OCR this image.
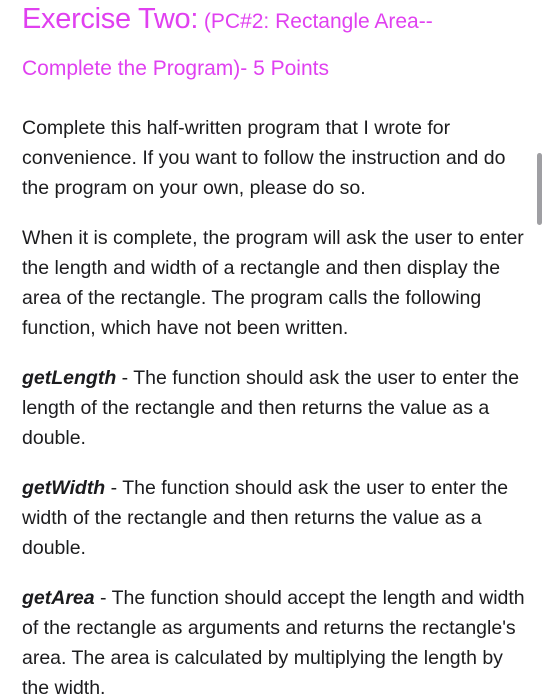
Exercise Two: (PC#2: Rectangle Area--
Complete the Program)- 5 Points

Complete this half-written program that I wrote for convenience. If you want to follow the instruction and do the program on your own, please do so.

When it is complete, the program will ask the user to enter the length and width of a rectangle and then display the area of the rectangle. The program calls the following function, which have not been written.

getLength - The function should ask the user to enter the length of the rectangle and then returns the value as a double.

getWidth - The function should ask the user to enter the width of the rectangle and then returns the value as a double.

getArea - The function should accept the length and width of the rectangle as arguments and returns the rectangle's area. The area is calculated by multiplying the length by the width.
